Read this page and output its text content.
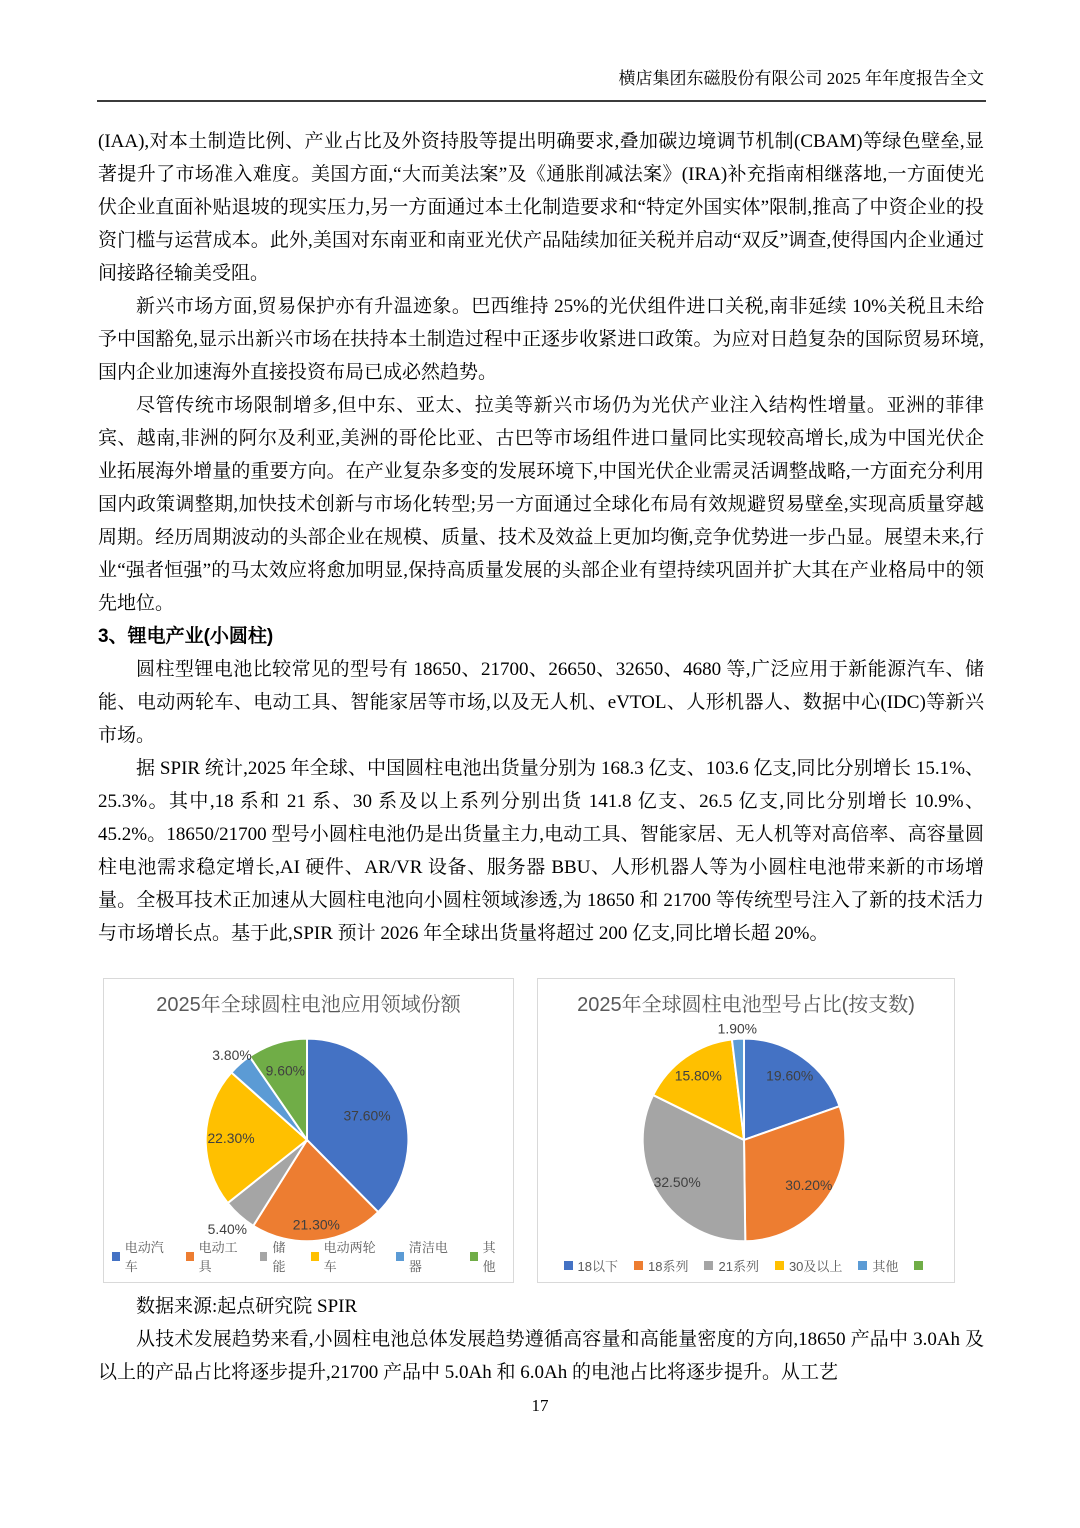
横店集团东磁股份有限公司 2025 年年度报告全文

(IAA),对本土制造比例、产业占比及外资持股等提出明确要求,叠加碳边境调节机制(CBAM)等绿色壁垒,显著提升了市场准入难度。美国方面,“大而美法案”及《通胀削减法案》(IRA)补充指南相继落地,一方面使光伏企业直面补贴退坡的现实压力,另一方面通过本土化制造要求和“特定外国实体”限制,推高了中资企业的投资门槛与运营成本。此外,美国对东南亚和南亚光伏产品陆续加征关税并启动“双反”调查,使得国内企业通过间接路径输美受阻。

新兴市场方面,贸易保护亦有升温迹象。巴西维持 25%的光伏组件进口关税,南非延续 10%关税且未给予中国豁免,显示出新兴市场在扶持本土制造过程中正逐步收紧进口政策。为应对日趋复杂的国际贸易环境,国内企业加速海外直接投资布局已成必然趋势。

尽管传统市场限制增多,但中东、亚太、拉美等新兴市场仍为光伏产业注入结构性增量。亚洲的菲律宾、越南,非洲的阿尔及利亚,美洲的哥伦比亚、古巴等市场组件进口量同比实现较高增长,成为中国光伏企业拓展海外增量的重要方向。在产业复杂多变的发展环境下,中国光伏企业需灵活调整战略,一方面充分利用国内政策调整期,加快技术创新与市场化转型;另一方面通过全球化布局有效规避贸易壁垒,实现高质量穿越周期。经历周期波动的头部企业在规模、质量、技术及效益上更加均衡,竞争优势进一步凸显。展望未来,行业“强者恒强”的马太效应将愈加明显,保持高质量发展的头部企业有望持续巩固并扩大其在产业格局中的领先地位。

3、锂电产业(小圆柱)

圆柱型锂电池比较常见的型号有 18650、21700、26650、32650、4680 等,广泛应用于新能源汽车、储能、电动两轮车、电动工具、智能家居等市场,以及无人机、eVTOL、人形机器人、数据中心(IDC)等新兴市场。

据 SPIR 统计,2025 年全球、中国圆柱电池出货量分别为 168.3 亿支、103.6 亿支,同比分别增长 15.1%、25.3%。其中,18 系和 21 系、30 系及以上系列分别出货 141.8 亿支、26.5 亿支,同比分别增长 10.9%、45.2%。18650/21700 型号小圆柱电池仍是出货量主力,电动工具、智能家居、无人机等对高倍率、高容量圆柱电池需求稳定增长,AI 硬件、AR/VR 设备、服务器 BBU、人形机器人等为小圆柱电池带来新的市场增量。全极耳技术正加速从大圆柱电池向小圆柱领域渗透,为 18650 和 21700 等传统型号注入了新的技术活力与市场增长点。基于此,SPIR 预计 2026 年全球出货量将超过 200 亿支,同比增长超 20%。

37.60%
21.30%
5.40%
22.30%
3.80%
9.60%
2025年全球圆柱电池应用领域份额
电动汽车
电动工具
储能
电动两轮车
清洁电器
其他
19.60%
30.20%
32.50%
15.80%
1.90%
2025年全球圆柱电池型号占比(按支数)
18以下 18系列 21系列 30及以上 其他

数据来源:起点研究院 SPIR

从技术发展趋势来看,小圆柱电池总体发展趋势遵循高容量和高能量密度的方向,18650 产品中 3.0Ah 及以上的产品占比将逐步提升,21700 产品中 5.0Ah 和 6.0Ah 的电池占比将逐步提升。从工艺

17
